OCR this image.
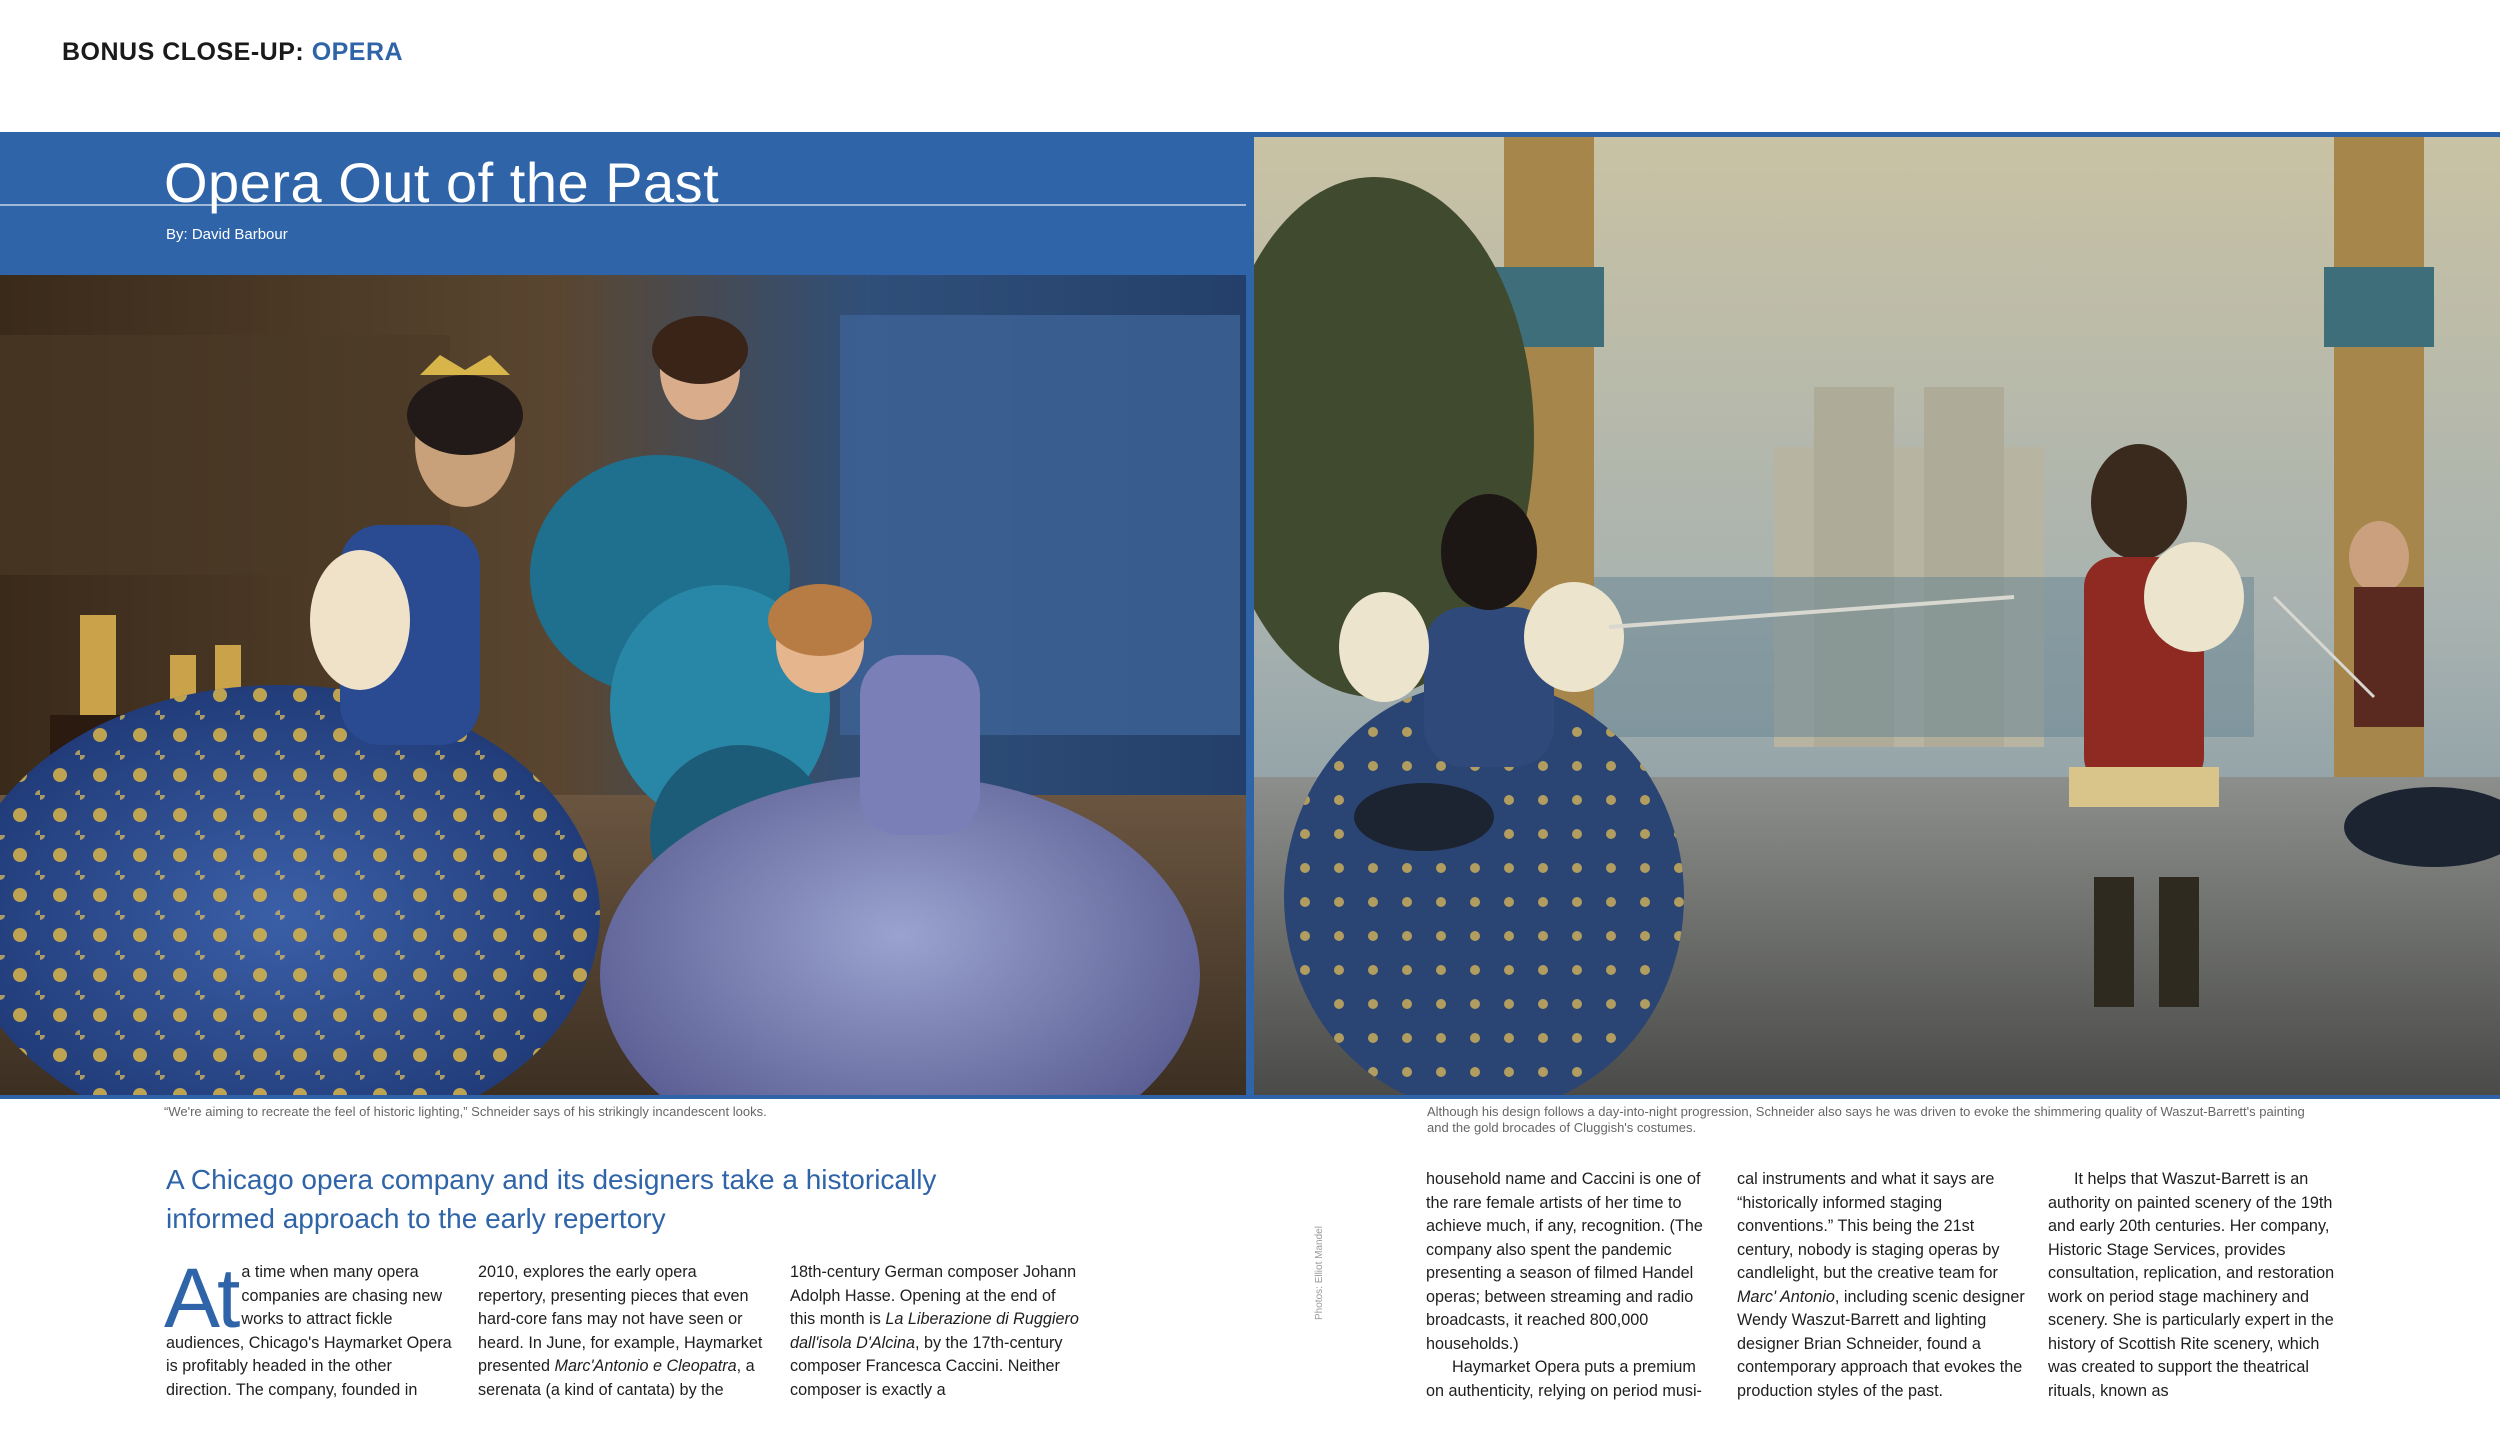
BONUS CLOSE-UP: OPERA
Opera Out of the Past
By: David Barbour
“We're aiming to recreate the feel of historic lighting,” Schneider says of his strikingly incandescent looks.	Although his design follows a day-into-night progression, Schneider also says he was driven to evoke the shimmering quality of Waszut-Barrett's painting and the gold brocades of Cluggish's costumes.
A Chicago opera company and its designers take a historically informed approach to the early repertory
At a time when many opera companies are chasing new works to attract fickle audiences, Chicago's Haymarket Opera is profitably headed in the other direction. The company, founded in
2010, explores the early opera repertory, presenting pieces that even hard-core fans may not have seen or heard. In June, for example, Haymarket presented Marc'Antonio e Cleopatra, a serenata (a kind of cantata) by the
18th-century German composer Johann Adolph Hasse. Opening at the end of this month is La Liberazione di Ruggiero dall'isola D'Alcina, by the 17th-century composer Francesca Caccini. Neither composer is exactly a
Photos: Elliot Mandel

household name and Caccini is one of the rare female artists of her time to achieve much, if any, recognition. (The company also spent the pandemic presenting a season of filmed Handel operas; between streaming and radio broadcasts, it reached 800,000 households.)

Haymarket Opera puts a premium on authenticity, relying on period musi-

cal instruments and what it says are “historically informed staging conventions.” This being the 21st century, nobody is staging operas by candlelight, but the creative team for Marc' Antonio, including scenic designer Wendy Waszut-Barrett and lighting designer Brian Schneider, found a contemporary approach that evokes the production styles of the past.

It helps that Waszut-Barrett is an authority on painted scenery of the 19th and early 20th centuries. Her company, Historic Stage Services, provides consultation, replication, and restoration work on period stage machinery and scenery. She is particularly expert in the history of Scottish Rite scenery, which was created to support the theatrical rituals, known as
